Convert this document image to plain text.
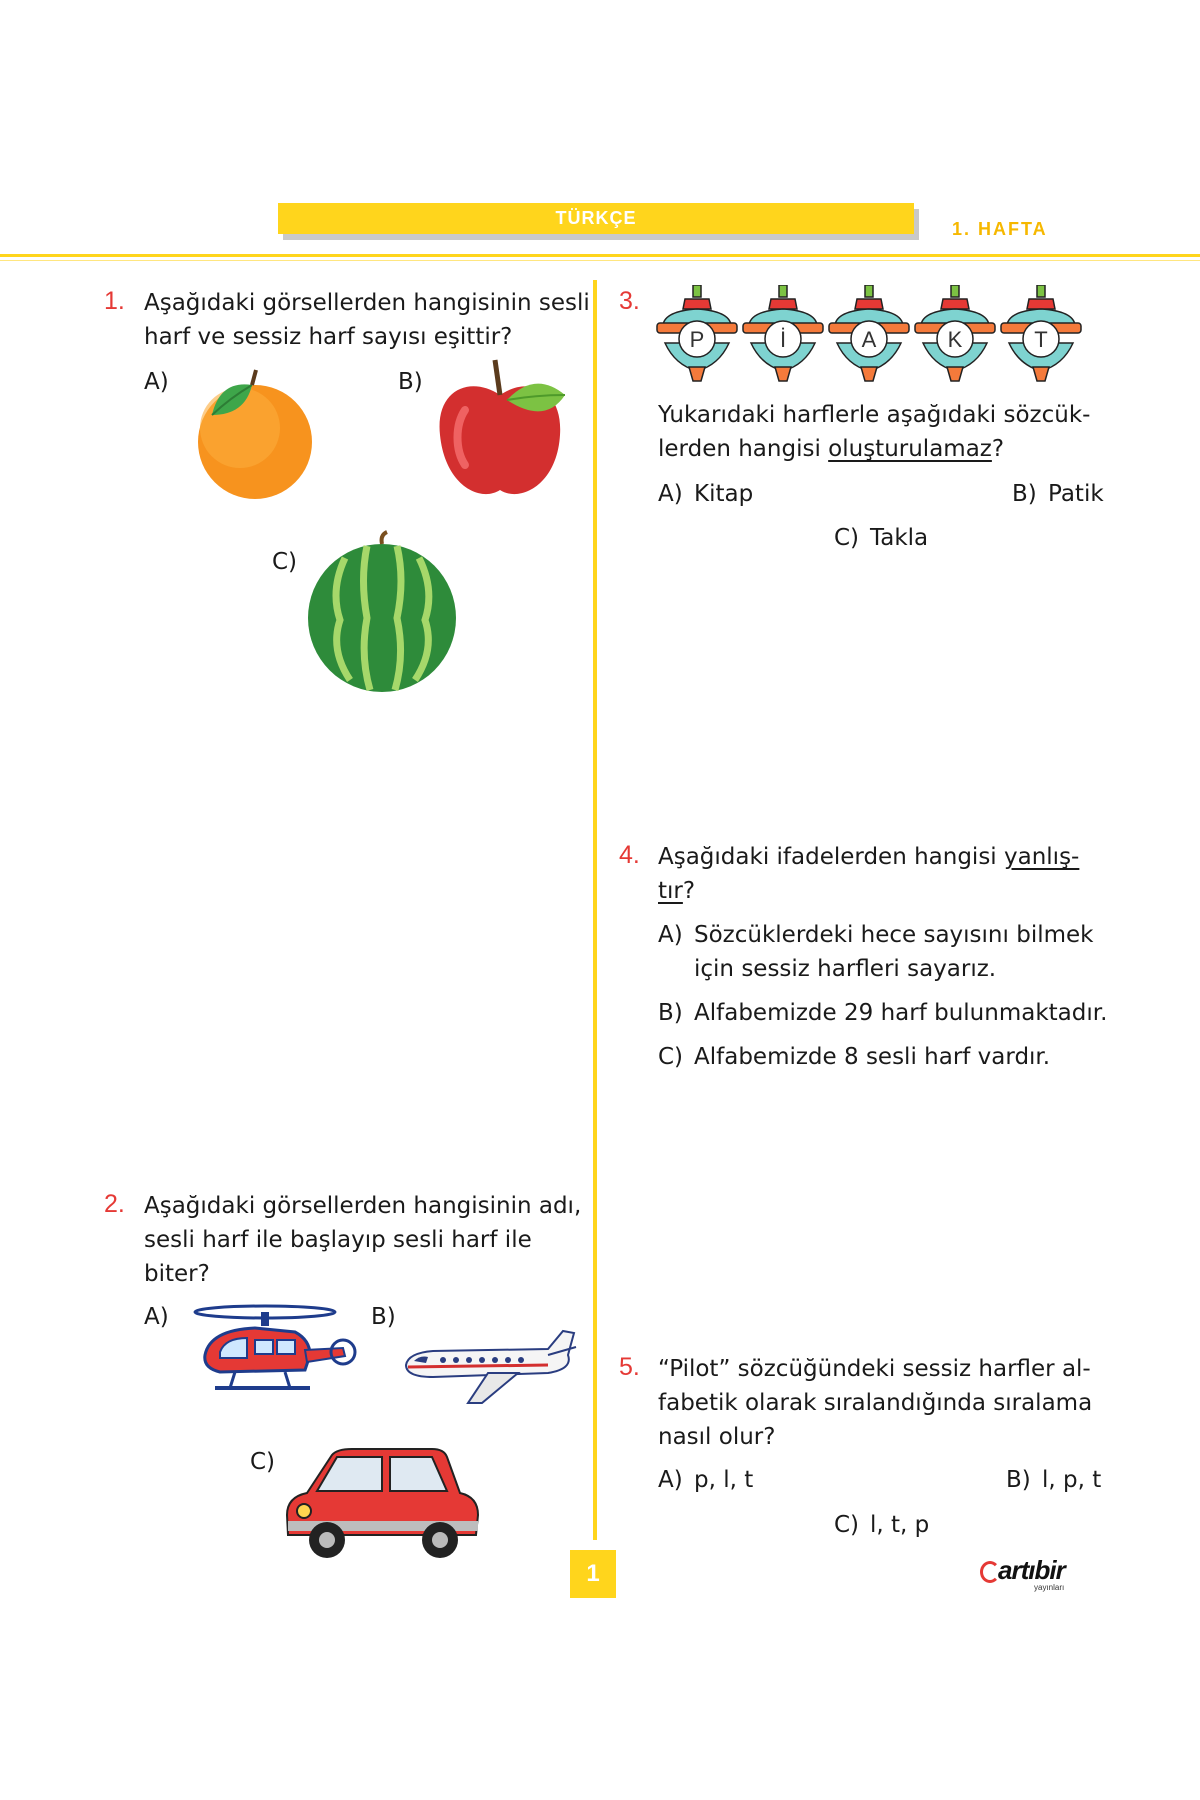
TÜRKÇE
1. HAFTA
1. Aşağıdaki görsellerden hangisinin sesli
harf ve sessiz harf sayısı eşittir?
A)	B)
C)
2. Aşağıdaki görsellerden hangisinin adı,
sesli harf ile başlayıp sesli harf ile
biter?
A)	B)
C)
3.
P	İ	A	K	T
Yukarıdaki harflerle aşağıdaki sözcük-
lerden hangisi oluşturulamaz?
A) Kitap	B) Patik
C) Takla
4. Aşağıdaki ifadelerden hangisi yanlış-
tır?
A) Sözcüklerdeki hece sayısını bilmek
için sessiz harfleri sayarız.
B) Alfabemizde 29 harf bulunmaktadır.
C) Alfabemizde 8 sesli harf vardır.
5. “Pilot” sözcüğündeki sessiz harfler al-
fabetik olarak sıralandığında sıralama
nasıl olur?
A) p, l, t	B) l, p, t
C) l, t, p
1	artıbir
yayınları
